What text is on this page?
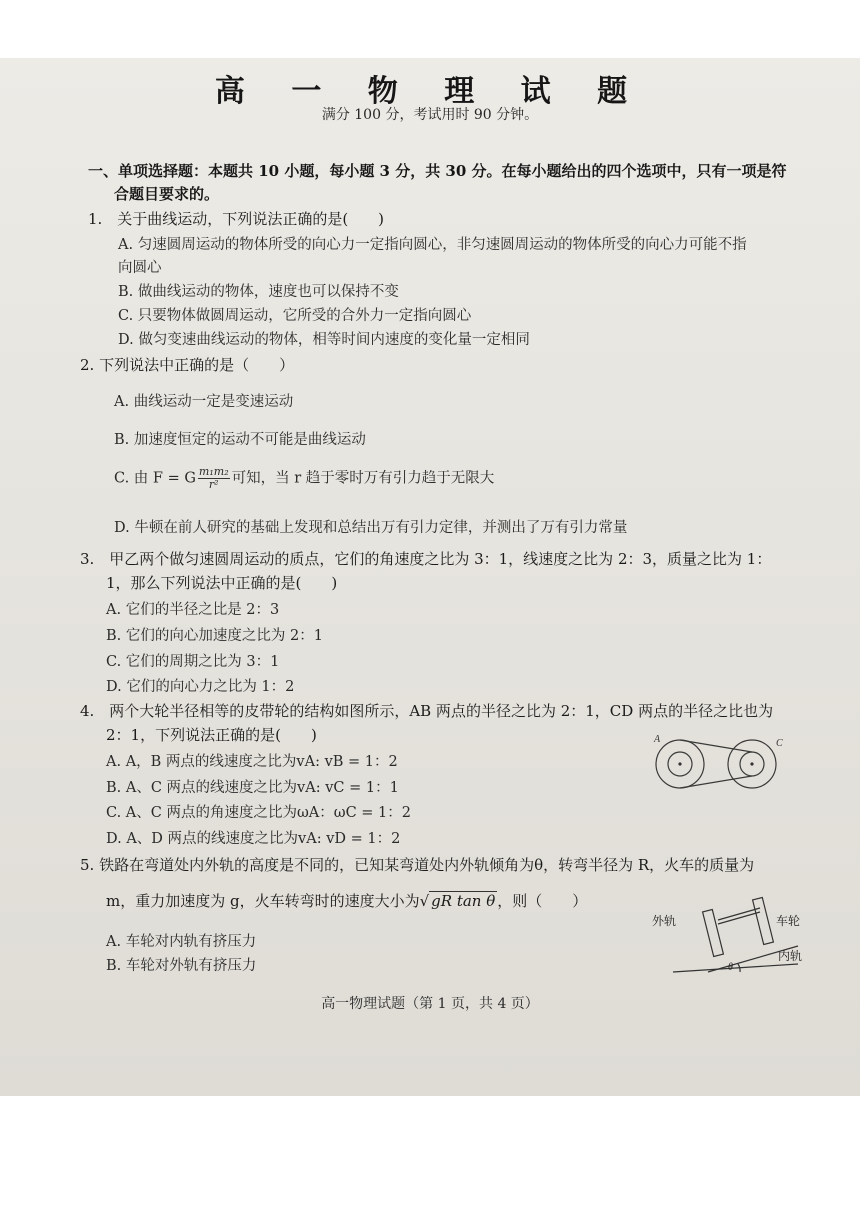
高 一 物 理 试 题
满分 100 分，考试用时 90 分钟。
一、单项选择题：本题共 10 小题，每小题 3 分，共 30 分。在每小题给出的四个选项中，只有一项是符
合题目要求的。
1.　关于曲线运动，下列说法正确的是(　　)
A. 匀速圆周运动的物体所受的向心力一定指向圆心，非匀速圆周运动的物体所受的向心力可能不指
向圆心
B. 做曲线运动的物体，速度也可以保持不变
C. 只要物体做圆周运动，它所受的合外力一定指向圆心
D. 做匀变速曲线运动的物体，相等时间内速度的变化量一定相同
2. 下列说法中正确的是（　　）
A. 曲线运动一定是变速运动
B. 加速度恒定的运动不可能是曲线运动
C. 由 F = G $\frac{\text{m₁m₂}}{\text{r²}}$ 可知，当 r 趋于零时万有引力趋于无限大
D. 牛顿在前人研究的基础上发现和总结出万有引力定律，并测出了万有引力常量
3.　甲乙两个做匀速圆周运动的质点，它们的角速度之比为 3：1，线速度之比为 2：3，质量之比为 1：
1，那么下列说法中正确的是(　　)
A. 它们的半径之比是 2：3
B. 它们的向心加速度之比为 2：1
C. 它们的周期之比为 3：1
D. 它们的向心力之比为 1：2
4.　两个大轮半径相等的皮带轮的结构如图所示，AB 两点的半径之比为 2：1，CD 两点的半径之比也为
2：1，下列说法正确的是(　　)
A. A，B 两点的线速度之比为vA: vB = 1：2
B. A、C 两点的线速度之比为vA: vC = 1：1
C. A、C 两点的角速度之比为ωA：ωC = 1：2
D. A、D 两点的线速度之比为vA: vD = 1：2
A	C
5. 铁路在弯道处内外轨的高度是不同的，已知某弯道处内外轨倾角为θ，转弯半径为 R，火车的质量为
m，重力加速度为 g，火车转弯时的速度大小为√ gR tan θ ，则（　　）
A. 车轮对内轨有挤压力
B. 车轮对外轨有挤压力
外轨	车轮
内轨
θ
高一物理试题（第 1 页，共 4 页）
